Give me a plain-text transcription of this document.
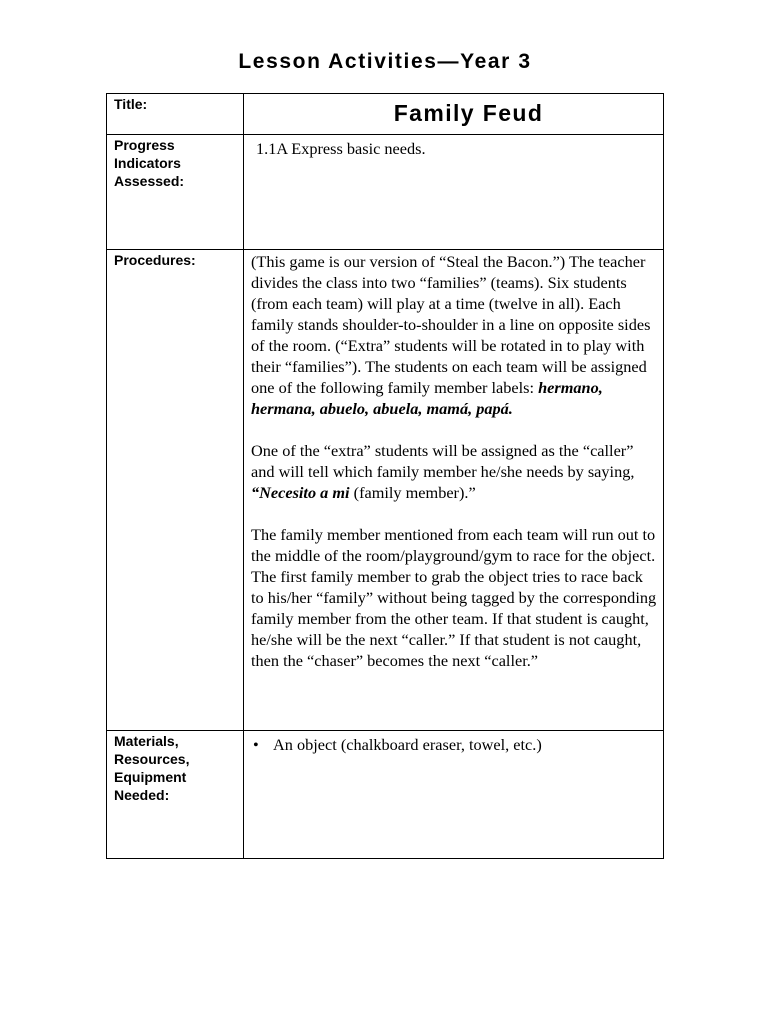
Lesson Activities—Year 3
Title:	Family Feud

Progress
Indicators
Assessed:	1.1A Express basic needs.

Procedures:	(This game is our version of “Steal the Bacon.”) The teacher divides the class into two “families” (teams). Six students (from each team) will play at a time (twelve in all). Each family stands shoulder-to-shoulder in a line on opposite sides of the room. (“Extra” students will be rotated in to play with their “families”). The students on each team will be assigned one of the following family member labels: hermano, hermana, abuelo, abuela, mamá, papá.

One of the “extra” students will be assigned as the “caller” and will tell which family member he/she needs by saying, “Necesito a mi (family member).”

The family member mentioned from each team will run out to the middle of the room/playground/gym to race for the object. The first family member to grab the object tries to race back to his/her “family” without being tagged by the corresponding family member from the other team. If that student is caught, he/she will be the next “caller.” If that student is not caught, then the “chaser” becomes the next “caller.”

Materials,
Resources,
Equipment
Needed:	• An object (chalkboard eraser, towel, etc.)
